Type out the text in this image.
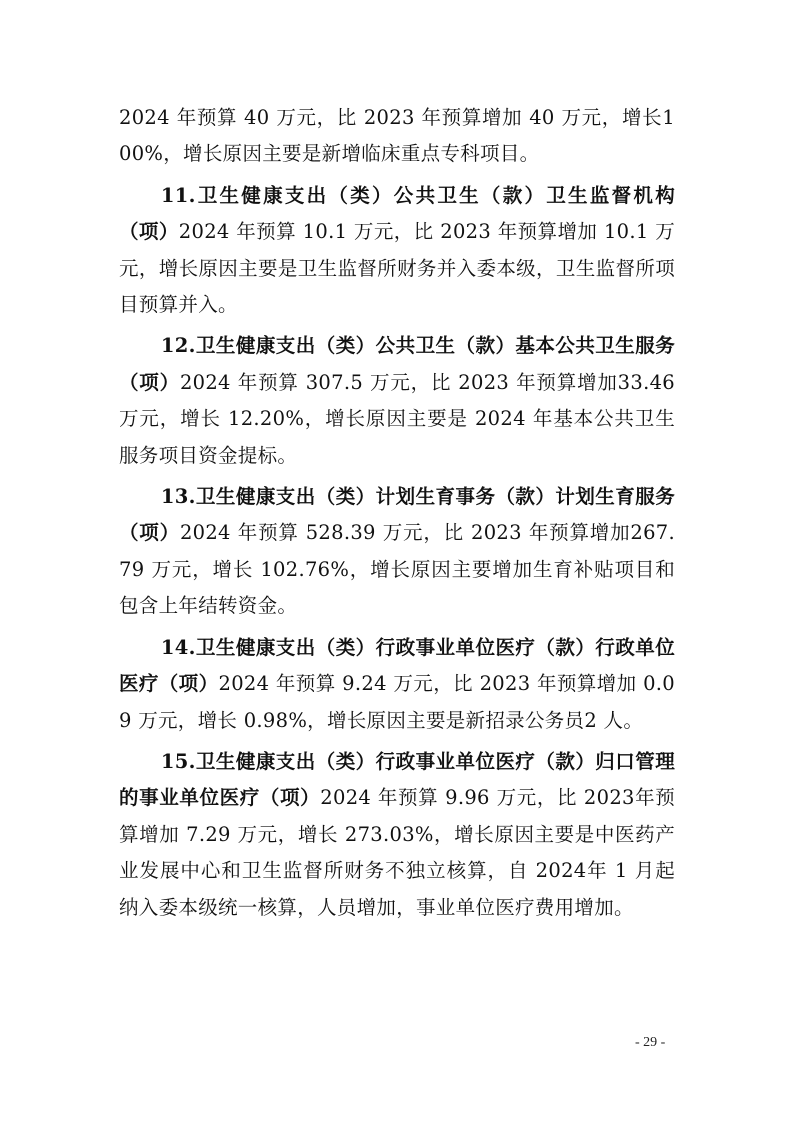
2024 年预算 40 万元，比 2023 年预算增加 40 万元，增长100%，增长原因主要是新增临床重点专科项目。

11.卫生健康支出（类）公共卫生（款）卫生监督机构（项）2024 年预算 10.1 万元，比 2023 年预算增加 10.1 万元，增长原因主要是卫生监督所财务并入委本级，卫生监督所项目预算并入。

12.卫生健康支出（类）公共卫生（款）基本公共卫生服务（项）2024 年预算 307.5 万元，比 2023 年预算增加33.46 万元，增长 12.20%，增长原因主要是 2024 年基本公共卫生服务项目资金提标。

13.卫生健康支出（类）计划生育事务（款）计划生育服务（项）2024 年预算 528.39 万元，比 2023 年预算增加267.79 万元，增长 102.76%，增长原因主要增加生育补贴项目和包含上年结转资金。

14.卫生健康支出（类）行政事业单位医疗（款）行政单位医疗（项）2024 年预算 9.24 万元，比 2023 年预算增加 0.09 万元，增长 0.98%，增长原因主要是新招录公务员2 人。

15.卫生健康支出（类）行政事业单位医疗（款）归口管理的事业单位医疗（项）2024 年预算 9.96 万元，比 2023年预算增加 7.29 万元，增长 273.03%，增长原因主要是中医药产业发展中心和卫生监督所财务不独立核算，自 2024年 1 月起纳入委本级统一核算，人员增加，事业单位医疗费用增加。

- 29 -
